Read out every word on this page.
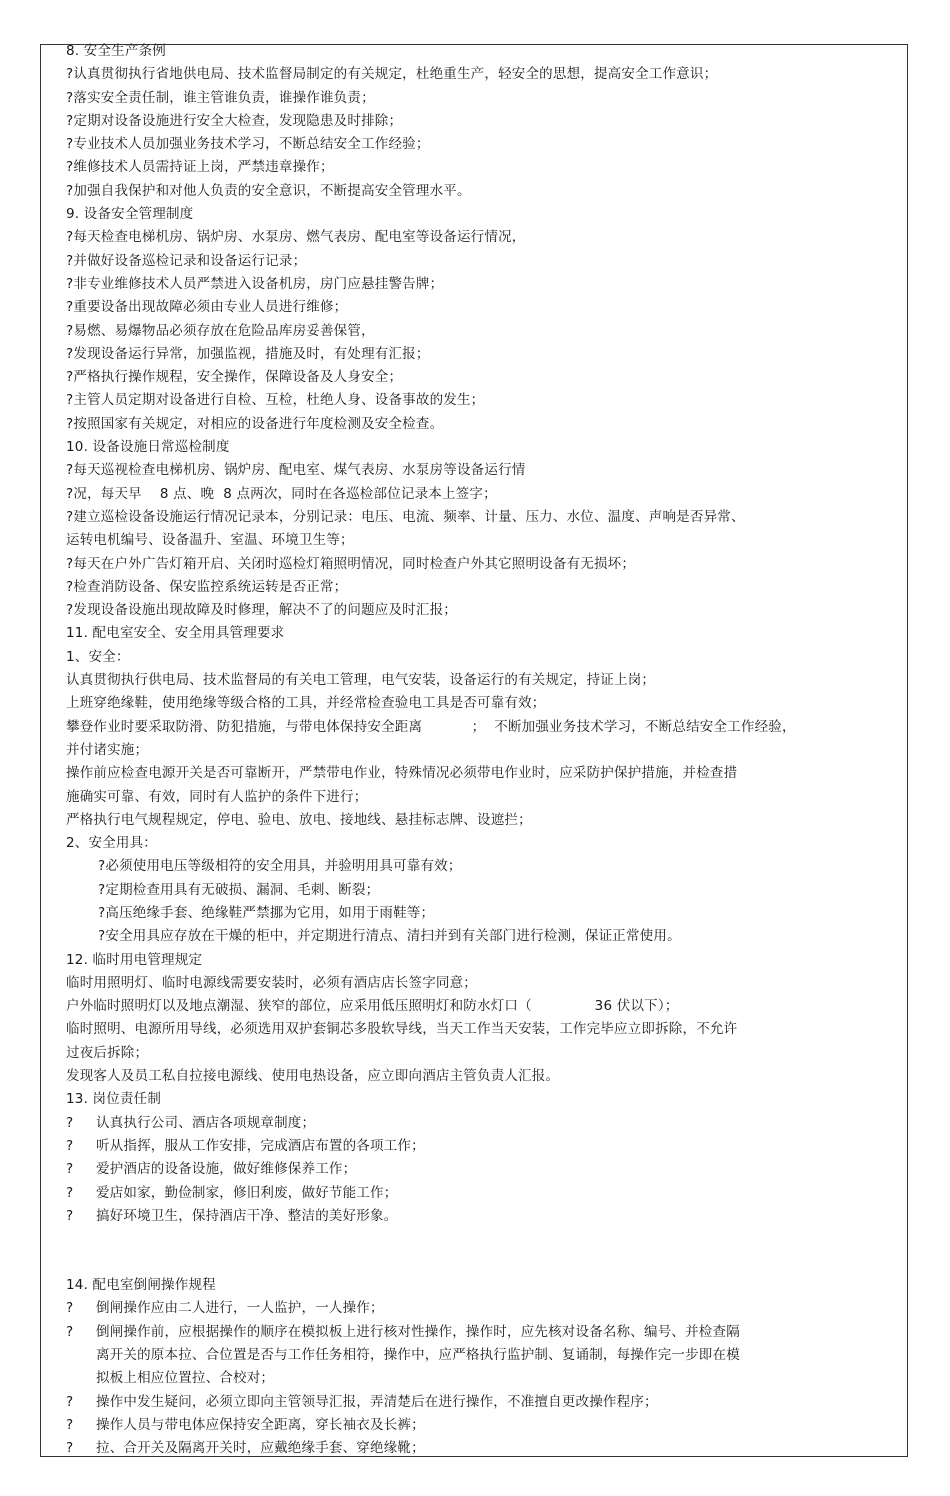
8. 安全生产条例
?认真贯彻执行省地供电局、技术监督局制定的有关规定，杜绝重生产，轻安全的思想，提高安全工作意识；
?落实安全责任制，谁主管谁负责，谁操作谁负责；
?定期对设备设施进行安全大检查，发现隐患及时排除；
?专业技术人员加强业务技术学习，不断总结安全工作经验；
?维修技术人员需持证上岗，严禁违章操作；
?加强自我保护和对他人负责的安全意识，不断提高安全管理水平。
9. 设备安全管理制度
?每天检查电梯机房、锅炉房、水泵房、燃气表房、配电室等设备运行情况，
?并做好设备巡检记录和设备运行记录；
?非专业维修技术人员严禁进入设备机房，房门应悬挂警告牌；
?重要设备出现故障必须由专业人员进行维修；
?易燃、易爆物品必须存放在危险品库房妥善保管，
?发现设备运行异常，加强监视，措施及时，有处理有汇报；
?严格执行操作规程，安全操作，保障设备及人身安全；
?主管人员定期对设备进行自检、互检，杜绝人身、设备事故的发生；
?按照国家有关规定，对相应的设备进行年度检测及安全检查。
10. 设备设施日常巡检制度
?每天巡视检查电梯机房、锅炉房、配电室、煤气表房、水泵房等设备运行情
?况，每天早    8 点、晚  8 点两次，同时在各巡检部位记录本上签字；
?建立巡检设备设施运行情况记录本，分别记录：电压、电流、频率、计量、压力、水位、温度、声响是否异常、
运转电机编号、设备温升、室温、环境卫生等；
?每天在户外广告灯箱开启、关闭时巡检灯箱照明情况，同时检查户外其它照明设备有无损坏；
?检查消防设备、保安监控系统运转是否正常；
?发现设备设施出现故障及时修理，解决不了的问题应及时汇报；
11. 配电室安全、安全用具管理要求
1、安全：
认真贯彻执行供电局、技术监督局的有关电工管理，电气安装，设备运行的有关规定，持证上岗；
上班穿绝缘鞋，使用绝缘等级合格的工具，并经常检查验电工具是否可靠有效；
攀登作业时要采取防滑、防犯措施，与带电体保持安全距离           ；  不断加强业务技术学习，不断总结安全工作经验，
并付诸实施；
操作前应检查电源开关是否可靠断开，严禁带电作业，特殊情况必须带电作业时，应采防护保护措施，并检查措
施确实可靠、有效，同时有人监护的条件下进行；
严格执行电气规程规定，停电、验电、放电、接地线、悬挂标志牌、设遮拦；
2、安全用具：
?必须使用电压等级相符的安全用具，并验明用具可靠有效；
?定期检查用具有无破损、漏洞、毛刺、断裂；
?高压绝缘手套、绝缘鞋严禁挪为它用，如用于雨鞋等；
?安全用具应存放在干燥的柜中，并定期进行清点、清扫并到有关部门进行检测，保证正常使用。
12. 临时用电管理规定
临时用照明灯、临时电源线需要安装时，必须有酒店店长签字同意；
户外临时照明灯以及地点潮湿、狭窄的部位，应采用低压照明灯和防水灯口（              36 伏以下）；
临时照明、电源所用导线，必须选用双护套铜芯多股软导线，当天工作当天安装，工作完毕应立即拆除，不允许
过夜后拆除；
发现客人及员工私自拉接电源线、使用电热设备，应立即向酒店主管负责人汇报。
13. 岗位责任制
? 认真执行公司、酒店各项规章制度；
? 听从指挥，服从工作安排，完成酒店布置的各项工作；
? 爱护酒店的设备设施，做好维修保养工作；
? 爱店如家，勤俭制家，修旧利废，做好节能工作；
? 搞好环境卫生，保持酒店干净、整洁的美好形象。
14. 配电室倒闸操作规程
? 倒闸操作应由二人进行，一人监护，一人操作；
? 倒闸操作前，应根据操作的顺序在模拟板上进行核对性操作，操作时，应先核对设备名称、编号、并检查隔
离开关的原本拉、合位置是否与工作任务相符，操作中，应严格执行监护制、复诵制，每操作完一步即在模
拟板上相应位置拉、合校对；
? 操作中发生疑问，必须立即向主管领导汇报，弄清楚后在进行操作，不准擅自更改操作程序；
? 操作人员与带电体应保持安全距离，穿长袖衣及长裤；
? 拉、合开关及隔离开关时，应戴绝缘手套、穿绝缘靴；
